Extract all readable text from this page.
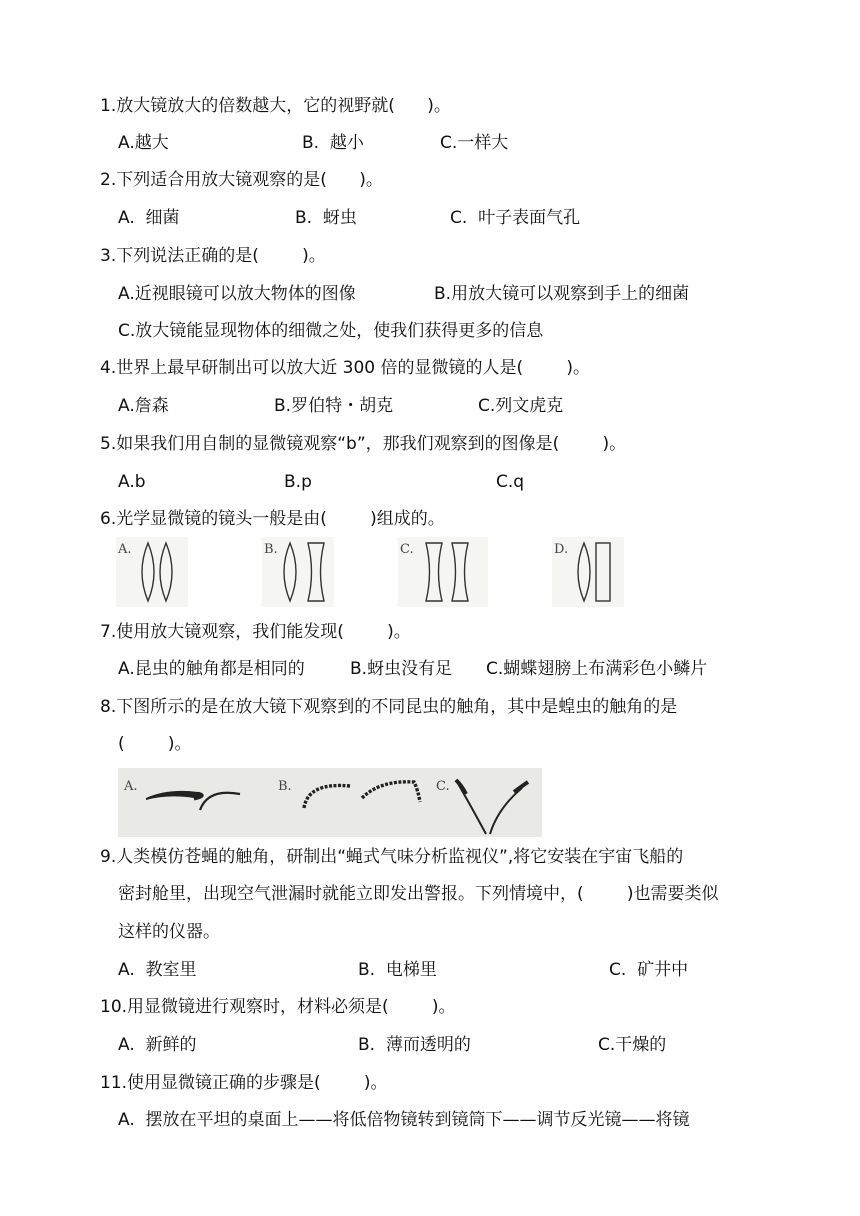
1.放大镜放大的倍数越大，它的视野就(      )。
A.越大	B.  越小	C.一样大
2.下列适合用放大镜观察的是(      )。
A.  细菌	B.  蚜虫	C.  叶子表面气孔
3.下列说法正确的是(        )。
A.近视眼镜可以放大物体的图像	B.用放大镜可以观察到手上的细菌
C.放大镜能显现物体的细微之处，使我们获得更多的信息
4.世界上最早研制出可以放大近 300 倍的显微镜的人是(        )。
A.詹森	B.罗伯特・胡克	C.列文虎克
5.如果我们用自制的显微镜观察“b”，那我们观察到的图像是(        )。
A.b	B.p	C.q
6.光学显微镜的镜头一般是由(        )组成的。
A.	B.	C.	D.
7.使用放大镜观察，我们能发现(        )。
A.昆虫的触角都是相同的	B.蚜虫没有足 C.蝴蝶翅膀上布满彩色小鳞片
8.下图所示的是在放大镜下观察到的不同昆虫的触角，其中是蝗虫的触角的是
(        )。
A.	B.	C.
9.人类模仿苍蝇的触角，研制出“蝇式气味分析监视仪”,将它安装在宇宙飞船的
密封舱里，出现空气泄漏时就能立即发出警报。下列情境中，(        )也需要类似
这样的仪器。
A.  教室里	B.  电梯里	C.  矿井中
10.用显微镜进行观察时，材料必须是(        )。
A.  新鲜的	B.  薄而透明的	C.干燥的
11.使用显微镜正确的步骤是(        )。
A.  摆放在平坦的桌面上——将低倍物镜转到镜筒下——调节反光镜——将镜
